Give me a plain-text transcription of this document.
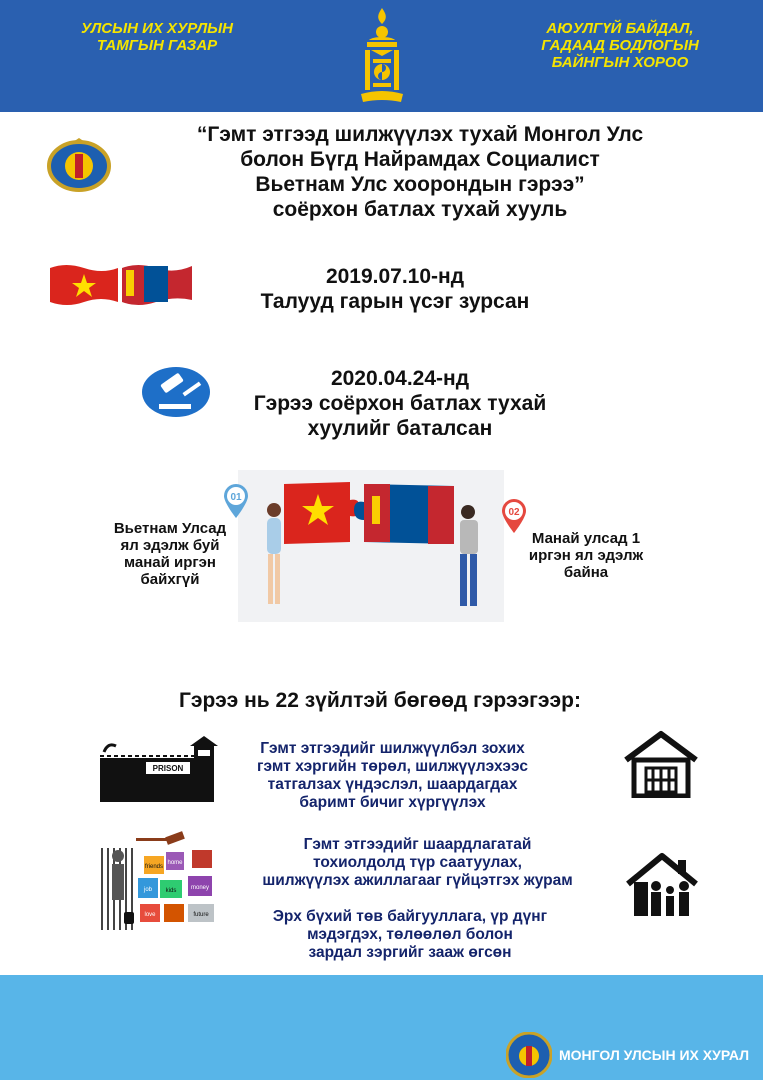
УЛСЫН ИХ ХУРЛЫН
ТАМГЫН ГАЗАР
АЮУЛГҮЙ БАЙДАЛ,
ГАДААД БОДЛОГЫН
БАЙНГЫН ХОРОО
“Гэмт этгээд шилжүүлэх тухай Монгол Улс
болон Бүгд Найрамдах Социалист
Вьетнам Улс хоорондын гэрээ”
соёрхон батлах тухай хууль
2019.07.10-нд
Талууд гарын үсэг зурсан
2020.04.24-нд
Гэрээ соёрхон батлах тухай
хуулийг баталсан
01
02
Вьетнам Улсад
ял эдэлж буй
манай иргэн
байхгүй
Манай улсад 1
иргэн ял эдэлж
байна
Гэрээ нь 22 зүйлтэй бөгөөд гэрээгээр:
PRISON
Гэмт этгээдийг шилжүүлбэл зохих
гэмт хэргийн төрөл, шилжүүлэхээс
татгалзах үндэслэл, шаардагдах
баримт бичиг хүргүүлэх
friends
home
job kids money
love	future
Гэмт этгээдийг шаардлагатай
тохиолдолд түр саатуулах,
шилжүүлэх ажиллагааг гүйцэтгэх журам
Эрх бүхий төв байгууллага, үр дүнг
мэдэгдэх, төлөөлөл болон
зардал зэргийг зааж өгсөн
МОНГОЛ УЛСЫН ИХ ХУРАЛ
